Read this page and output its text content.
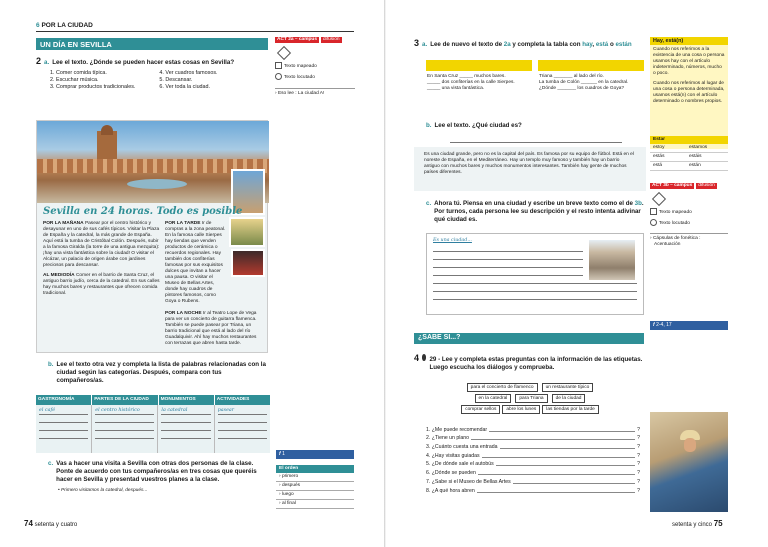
6 POR LA CIUDAD
UN DÍA EN SEVILLA
2 a. Lee el texto. ¿Dónde se pueden hacer estas cosas en Sevilla?
1. Comer comida típica.
2. Escuchar música.
3. Comprar productos tradicionales.
4. Ver cuadros famosos.
5. Descansar.
6. Ver toda la ciudad.
ACT 2a – campus	difusión
Texto mapeado
Texto locutado
› Eso lee : La ciudad A!
Sevilla en 24 horas. Todo es posible

POR LA MAÑANA Pasear por el centro histórico y desayunar en uno de sus cafés típicos. Visitar la Plaza de España y la catedral, la más grande de España. Aquí está la tumba de Cristóbal Colón. Después, subir a la famosa Giralda (la torre de una antigua mezquita): ¡hay una vista fantástica sobre la ciudad! O visitar el Alcázar, un palacio de origen árabe con jardines preciosos para descansar.

AL MEDIODÍA Comer en el barrio de Santa Cruz, el antiguo barrio judío, cerca de la catedral. En sus calles hay muchos bares y restaurantes que ofrecen comida tradicional.

POR LA TARDE Ir de compras a la zona peatonal. En la famosa calle Sierpes hay tiendas que venden productos de cerámica o recuerdos regionales. Hay también dos confiterías famosas por sus exquisitos dulces que invitan a hacer una pausa. O visitar el Museo de Bellas Artes, donde hay cuadros de pintores famosos, como Goya o Rubens.

POR LA NOCHE Ir al Teatro Lope de Vega para ver un concierto de guitarra flamenca. También se puede pasear por Triana, un barrio tradicional que está al lado del río Guadalquivir. Ahí hay muchos restaurantes con terrazas que abren hasta tarde.

b. Lee el texto otra vez y completa la lista de palabras relacionadas con la ciudad según las categorías. Después, compara con tus compañeros/as.
GASTRONOMÍA	PARTES DE LA CIUDAD	MONUMENTOS	ACTIVIDADES
el café	el centro histórico	la catedral	pasear
c. Vas a hacer una visita a Sevilla con otras dos personas de la clase. Ponte de acuerdo con tus compañeros/as en tres cosas que queréis hacer en Sevilla y presentad vuestros planes a la clase.
• Primero visitamos la catedral, después...
𝒇 1
El orden
› primero
› después
› luego
› al final
74 setenta y cuatro
3 a. Lee de nuevo el texto de 2a y completa la tabla con hay, está o están
En Santa Cruz _____ muchos bares.
_____ dos confiterías en la calle Sierpes.
_____ una vista fantástica.
Triana _______ al lado del río.
La tumba de Colón ______ en la catedral.
¿Dónde _______ los cuadros de Goya?
Hay, está(n)
Cuando nos referimos a la existencia de una cosa o persona usamos hay con el artículo indeterminado, números, mucho o poco.
Cuando nos referimos al lugar de una cosa o persona determinada, usamos está(n) con el artículo determinado o nombres propios.
Estar
estoy	estamos
estás	estáis
está	están
ACT 3b – campus	difusión
Texto mapeado
Texto locutado
› Cápsulas de fonética :
Acentuación
𝒇 2-4, 17
b. Lee el texto. ¿Qué ciudad es?
Es una ciudad grande, pero no es la capital del país. Es famosa por su equipo de fútbol. Está en el noreste de España, en el Mediterráneo. Hay un templo muy famoso y también hay un barrio antiguo con muchos bares y muchos monumentos interesantes. También hay gente de muchos países diferentes.
c. Ahora tú. Piensa en una ciudad y escribe un breve texto como el de 3b. Por turnos, cada persona lee su descripción y el resto intenta adivinar qué ciudad es.
Es una ciudad...
¿SABE SI...?
4 29 - Lee y completa estas preguntas con la información de las etiquetas. Luego escucha los diálogos y comprueba.
para el concierto de flamenco	un restaurante típico
en la catedral	para Triana	de la ciudad
comprar sellos	abre los lunes	las tiendas por la tarde
1. ¿Me puede recomendar	?
2. ¿Tiene un plano	?
3. ¿Cuánto cuesta una entrada	?
4. ¿Hay visitas guiadas	?
5. ¿De dónde sale el autobús	?
6. ¿Dónde se pueden	?
7. ¿Sabe si el Museo de Bellas Artes	?
8. ¿A qué hora abren	?
setenta y cinco 75
